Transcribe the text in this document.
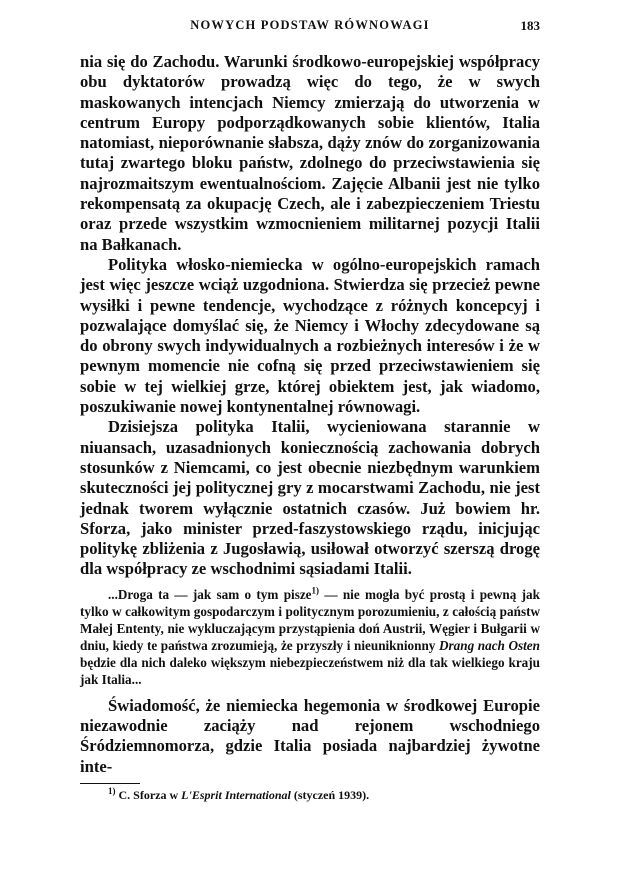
NOWYCH PODSTAW RÓWNOWAGI	183

nia się do Zachodu. Warunki środkowo-europejskiej współpracy obu dyktatorów prowadzą więc do tego, że w swych maskowanych intencjach Niemcy zmierzają do utworzenia w centrum Europy podporządkowanych sobie klientów, Italia natomiast, nieporównanie słabsza, dąży znów do zorganizowania tutaj zwartego bloku państw, zdolnego do przeciwstawienia się najrozmaitszym ewentualnościom. Zajęcie Albanii jest nie tylko rekompensatą za okupację Czech, ale i zabezpieczeniem Triestu oraz przede wszystkim wzmocnieniem militarnej pozycji Italii na Bałkanach.

Polityka włosko-niemiecka w ogólno-europejskich ramach jest więc jeszcze wciąż uzgodniona. Stwierdza się przecież pewne wysiłki i pewne tendencje, wychodzące z różnych koncepcyj i pozwalające domyślać się, że Niemcy i Włochy zdecydowane są do obrony swych indywidualnych a rozbieżnych interesów i że w pewnym momencie nie cofną się przed przeciwstawieniem się sobie w tej wielkiej grze, której obiektem jest, jak wiadomo, poszukiwanie nowej kontynentalnej równowagi.

Dzisiejsza polityka Italii, wycieniowana starannie w niuansach, uzasadnionych koniecznością zachowania dobrych stosunków z Niemcami, co jest obecnie niezbędnym warunkiem skuteczności jej politycznej gry z mocarstwami Zachodu, nie jest jednak tworem wyłącznie ostatnich czasów. Już bowiem hr. Sforza, jako minister przed-faszystowskiego rządu, inicjując politykę zbliżenia z Jugosławią, usiłował otworzyć szerszą drogę dla współpracy ze wschodnimi sąsiadami Italii.

...Droga ta — jak sam o tym pisze$^{1)}$ — nie mogła być prostą i pewną jak tylko w całkowitym gospodarczym i politycznym porozumieniu, z całością państw Małej Ententy, nie wykluczającym przystąpienia doń Austrii, Węgier i Bułgarii w dniu, kiedy te państwa zrozumieją, że przyszły i nieuniknionny Drang nach Osten będzie dla nich daleko większym niebezpieczeństwem niż dla tak wielkiego kraju jak Italia...

Świadomość, że niemiecka hegemonia w środkowej Europie niezawodnie zaciąży nad rejonem wschodniego Śródziemnomorza, gdzie Italia posiada najbardziej żywotne inte-

$^{1)}$ C. Sforza w L'Esprit International (styczeń 1939).
